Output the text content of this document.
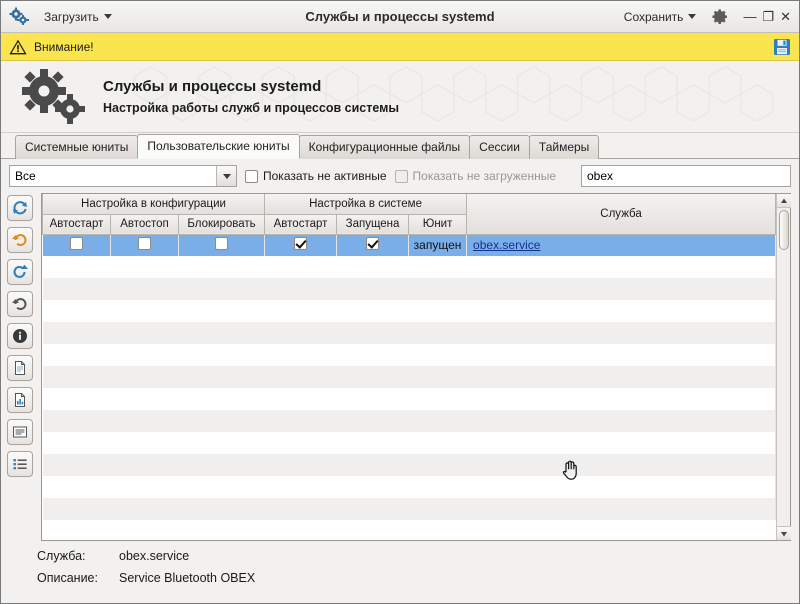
Загрузить	Службы и процессы systemd	Сохранить	— ❐ ✕
Внимание!
Службы и процессы systemd
Настройка работы служб и процессов системы
Системные юниты	Пользовательские юниты	Конфигурационные файлы	Сессии	Таймеры
Все	Показать не активные Показать не загруженные	obex
Настройка в конфигурации			Настройка в системе			Служба
Автостарт	Автостоп	Блокировать	Автостарт	Запущена	Юнит	
					запущен	obex.service

Служба:	obex.service
Описание:	Service Bluetooth OBEX
